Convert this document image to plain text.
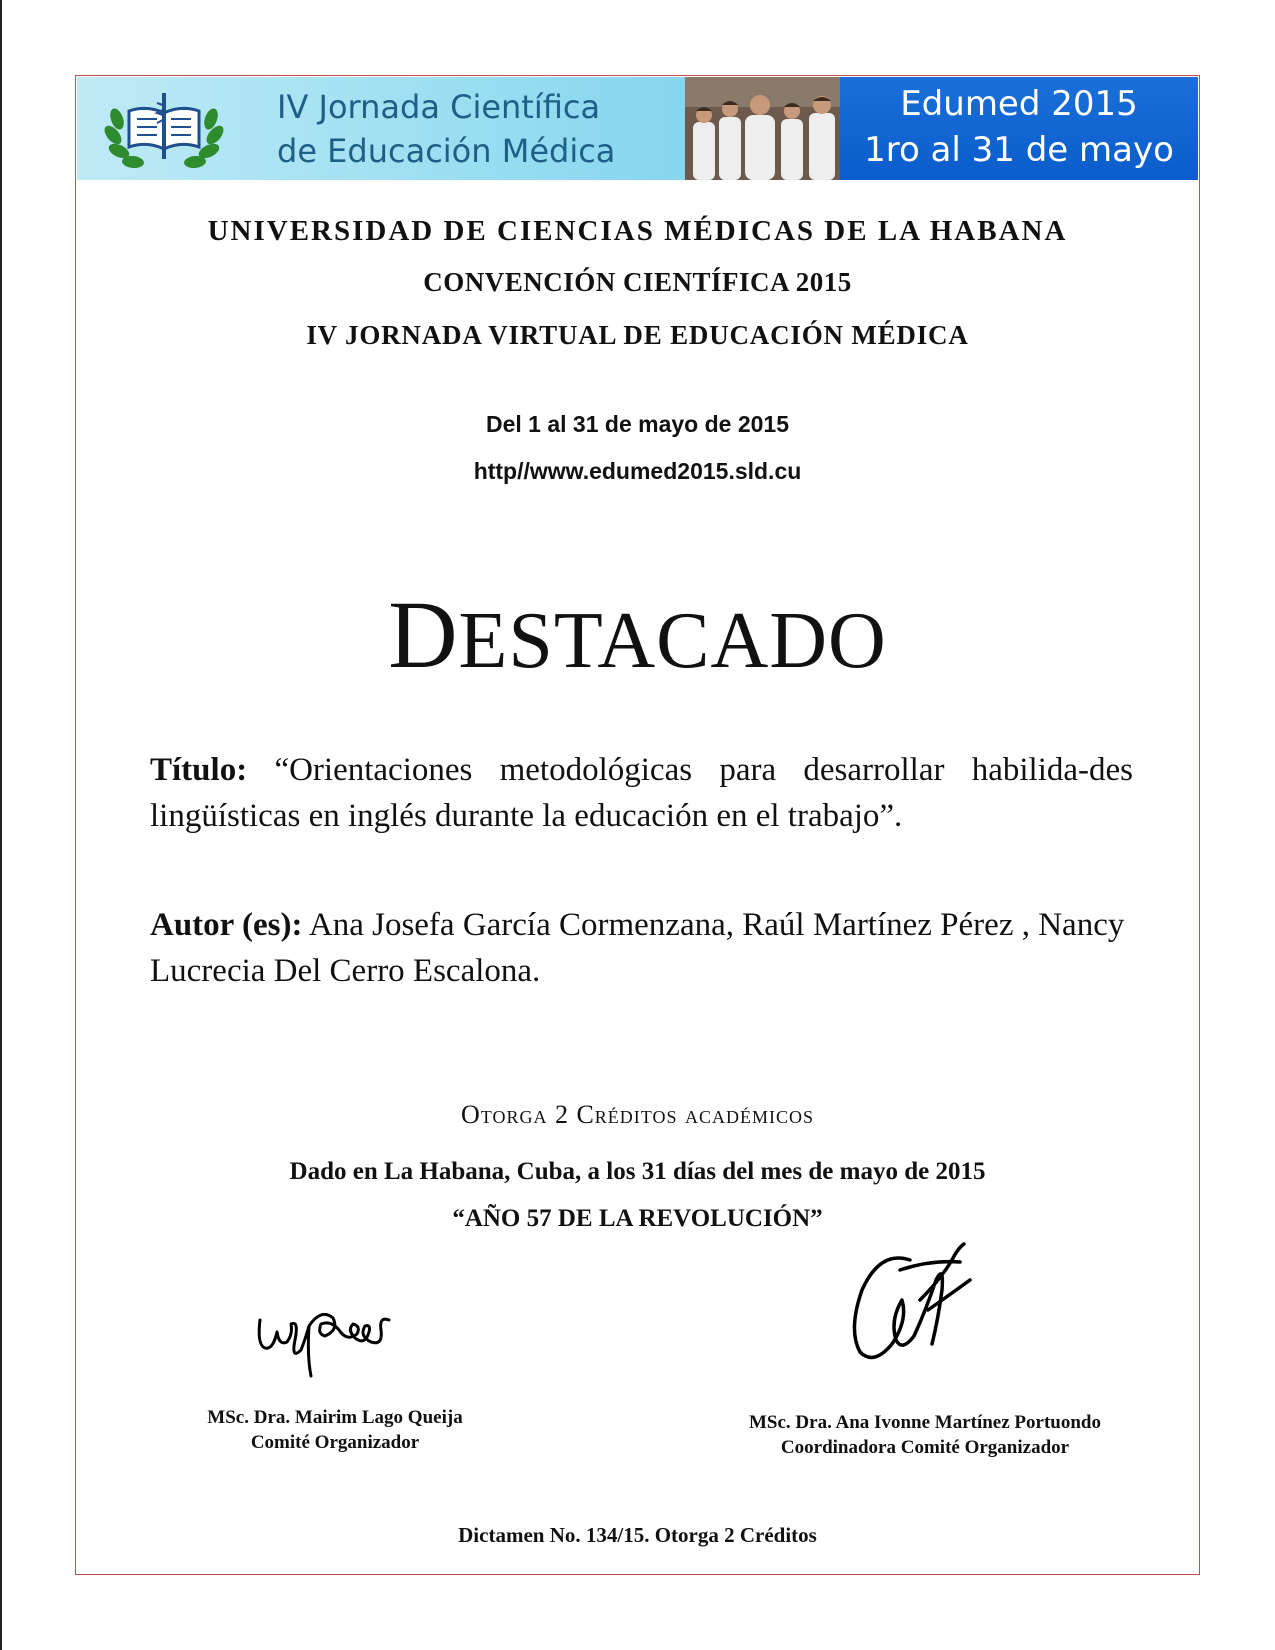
IV Jornada Científica
de Educación Médica
Edumed 2015
1ro al 31 de mayo
UNIVERSIDAD DE CIENCIAS MÉDICAS DE LA HABANA
CONVENCIÓN CIENTÍFICA 2015
IV JORNADA VIRTUAL DE EDUCACIÓN MÉDICA
Del 1 al 31 de mayo de 2015
http//www.edumed2015.sld.cu
DESTACADO
Título: “Orientaciones metodológicas para desarrollar habilida-des lingüísticas en inglés durante la educación en el trabajo”.
Autor (es): Ana Josefa García Cormenzana, Raúl Martínez Pérez , Nancy Lucrecia Del Cerro Escalona.
Otorga 2 Créditos académicos
Dado en La Habana, Cuba, a los 31 días del mes de mayo de 2015
“AÑO 57 DE LA REVOLUCIÓN”
MSc. Dra. Mairim Lago Queija
Comité Organizador
MSc. Dra. Ana Ivonne Martínez Portuondo
Coordinadora Comité Organizador
Dictamen No. 134/15. Otorga 2 Créditos
